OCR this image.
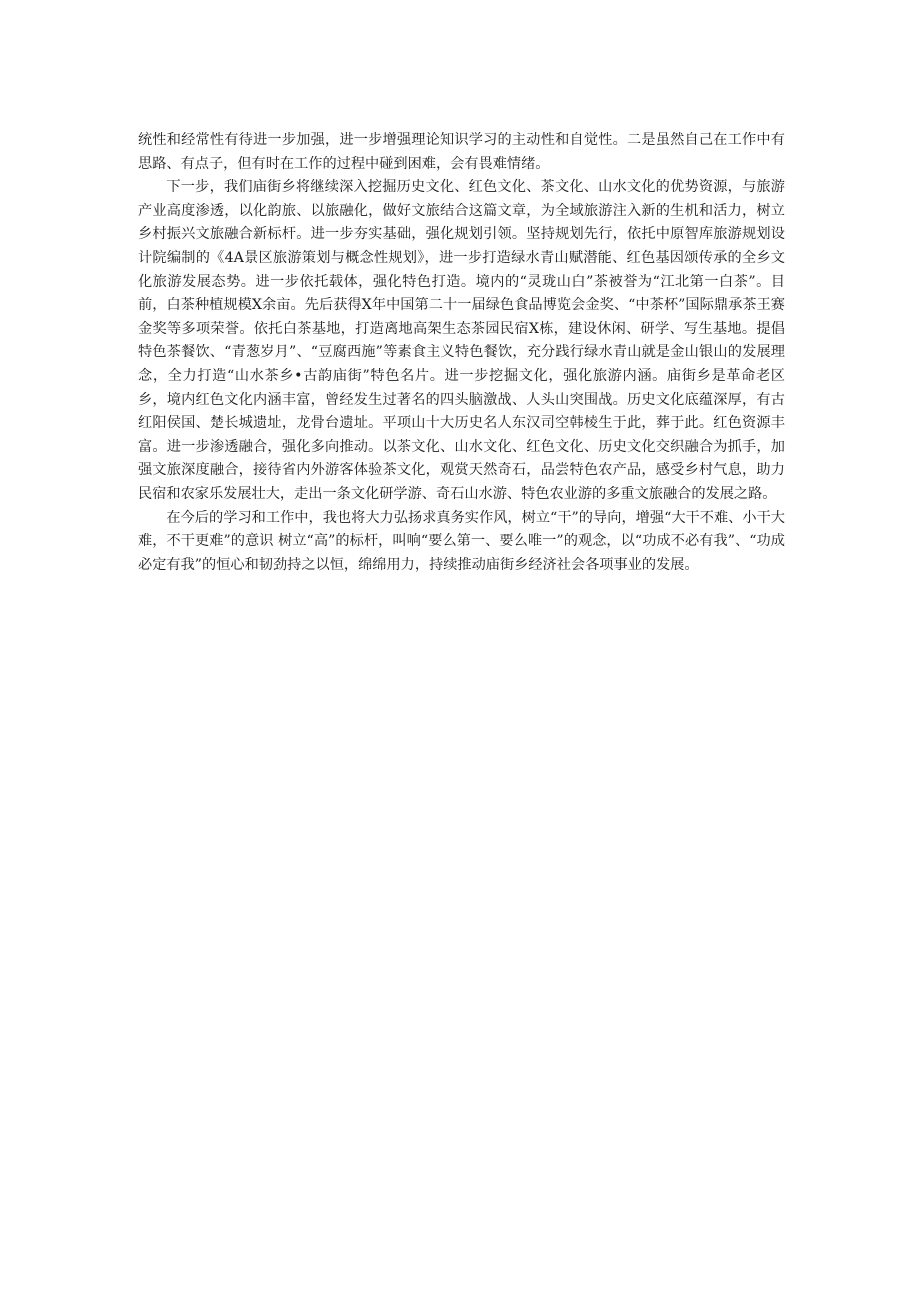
统性和经常性有待进一步加强，进一步增强理论知识学习的主动性和自觉性。二是虽然自己在工作中有思路、有点子，但有时在工作的过程中碰到困难，会有畏难情绪。

下一步，我们庙街乡将继续深入挖掘历史文化、红色文化、茶文化、山水文化的优势资源，与旅游产业高度渗透，以化韵旅、以旅融化，做好文旅结合这篇文章，为全域旅游注入新的生机和活力，树立乡村振兴文旅融合新标杆。进一步夯实基础，强化规划引领。坚持规划先行，依托中原智库旅游规划设计院编制的《4A景区旅游策划与概念性规划》，进一步打造绿水青山赋潜能、红色基因颂传承的全乡文化旅游发展态势。进一步依托载体，强化特色打造。境内的“灵珑山白”茶被誉为“江北第一白茶”。目前，白茶种植规模X余亩。先后获得X年中国第二十一届绿色食品博览会金奖、“中茶杯”国际鼎承茶王赛金奖等多项荣誉。依托白茶基地，打造离地高架生态茶园民宿X栋，建设休闲、研学、写生基地。提倡特色茶餐饮、“青葱岁月”、“豆腐西施”等素食主义特色餐饮，充分践行绿水青山就是金山银山的发展理念，全力打造“山水茶乡•古韵庙街”特色名片。进一步挖掘文化，强化旅游内涵。庙街乡是革命老区乡，境内红色文化内涵丰富，曾经发生过著名的四头脑激战、人头山突围战。历史文化底蕴深厚，有古红阳侯国、楚长城遗址，龙骨台遗址。平项山十大历史名人东汉司空韩棱生于此，葬于此。红色资源丰富。进一步渗透融合，强化多向推动。以茶文化、山水文化、红色文化、历史文化交织融合为抓手，加强文旅深度融合，接待省内外游客体验茶文化，观赏天然奇石，品尝特色农产品，感受乡村气息，助力民宿和农家乐发展壮大，走出一条文化研学游、奇石山水游、特色农业游的多重文旅融合的发展之路。

在今后的学习和工作中，我也将大力弘扬求真务实作风，树立“干”的导向，增强“大干不难、小干大难，不干更难”的意识 树立“高”的标杆，叫响“要么第一、要么唯一”的观念，以“功成不必有我”、“功成必定有我”的恒心和韧劲持之以恒，绵绵用力，持续推动庙街乡经济社会各项事业的发展。
